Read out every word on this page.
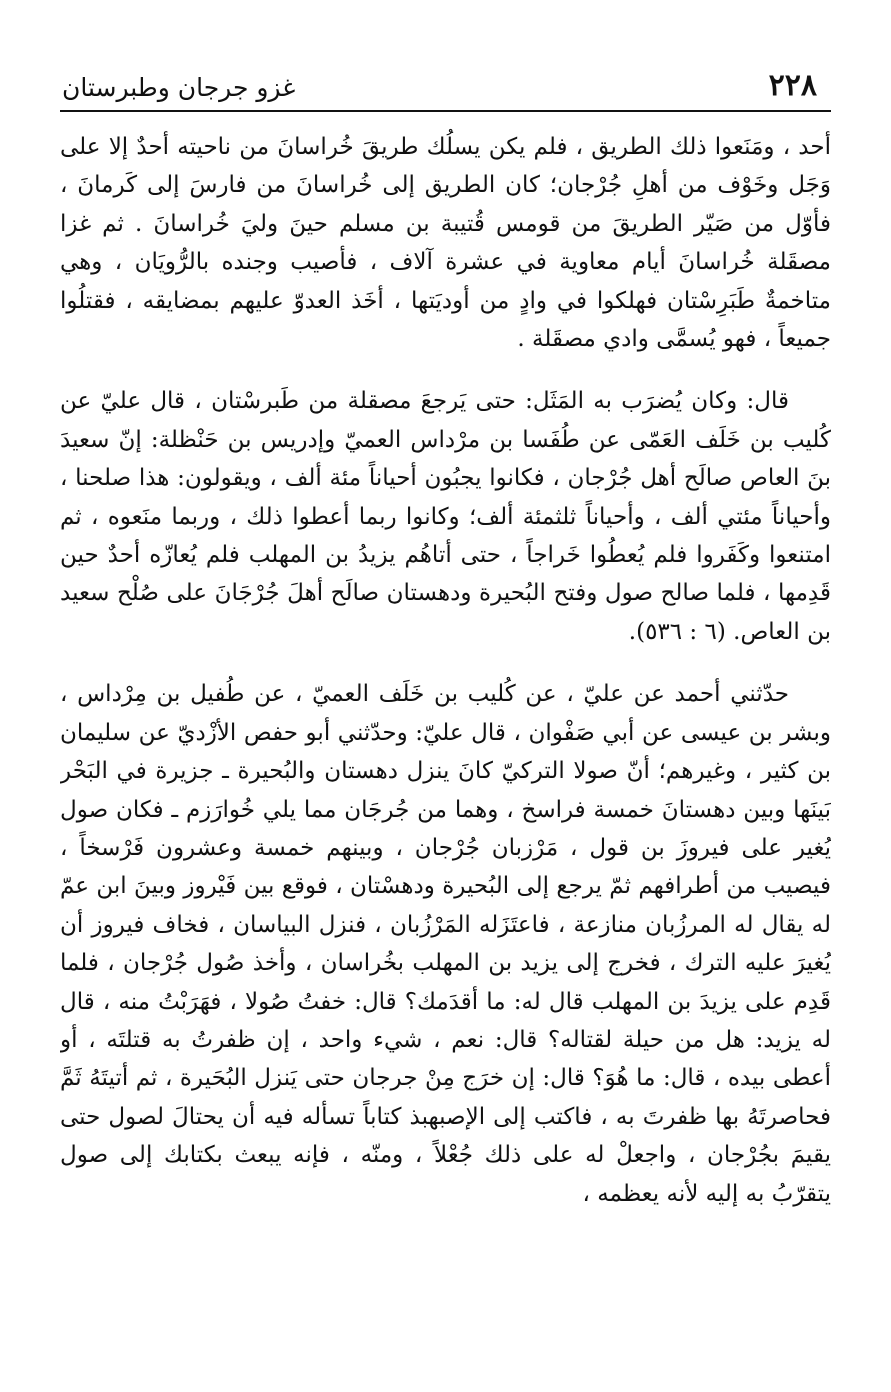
٢٢٨
غزو جرجان وطبرستان

أحد ، ومَنَعوا ذلك الطريق ، فلم يكن يسلُك طريقَ خُراسانَ من ناحيته أحدٌ إلا على وَجَل وخَوْف من أهلِ جُرْجان؛ كان الطريق إلى خُراسانَ من فارسَ إلى كَرمانَ ، فأوّل من صَيّر الطريقَ من قومس قُتيبة بن مسلم حينَ وليَ خُراسانَ . ثم غزا مصقَلة خُراسانَ أيام معاوية في عشرة آلاف ، فأصيب وجنده بالرُّويَان ، وهي متاخمةٌ طَبَرِسْتان فهلكوا في وادٍ من أوديَتها ، أخَذ العدوّ عليهم بمضايقه ، فقتلُوا جميعاً ، فهو يُسمَّى وادي مصقَلة .

قال: وكان يُضرَب به المَثَل: حتى يَرجعَ مصقلة من طَبرسْتان ، قال عليّ عن كُليب بن خَلَف العَمّى عن طُفَسا بن مرْداس العميّ وإدريس بن حَنْظلة: إنّ سعيدَ بنَ العاص صالَح أهل جُرْجان ، فكانوا يجبُون أحياناً مئة ألف ، ويقولون: هذا صلحنا ، وأحياناً مئتي ألف ، وأحياناً ثلثمئة ألف؛ وكانوا ربما أعطوا ذلك ، وربما منَعوه ، ثم امتنعوا وكَفَروا فلم يُعطُوا خَراجاً ، حتى أتاهُم يزيدُ بن المهلب فلم يُعازّه أحدٌ حين قَدِمها ، فلما صالح صول وفتح البُحيرة ودهستان صالَح أهلَ جُرْجَانَ على صُلْح سعيد بن العاص. (٦ : ٥٣٦).

حدّثني أحمد عن عليّ ، عن كُليب بن خَلَف العميّ ، عن طُفيل بن مِرْداس ، وبشر بن عيسى عن أبي صَفْوان ، قال عليّ: وحدّثني أبو حفص الأزْديّ عن سليمان بن كثير ، وغيرهم؛ أنّ صولا التركيّ كانَ ينزل دهستان والبُحيرة ـ جزيرة في البَحْر بَينَها وبين دهستانَ خمسة فراسخ ، وهما من جُرجَان مما يلي خُوارَزم ـ فكان صول يُغير على فيروزَ بن قول ، مَرْزبان جُرْجان ، وبينهم خمسة وعشرون فَرْسخاً ، فيصيب من أطرافهم ثمّ يرجع إلى البُحيرة ودهسْتان ، فوقع بين فَيْروز وبينَ ابن عمّ له يقال له المرزُبان منازعة ، فاعتَزَله المَرْزُبان ، فنزل البياسان ، فخاف فيروز أن يُغيرَ عليه الترك ، فخرج إلى يزيد بن المهلب بخُراسان ، وأخذ صُول جُرْجان ، فلما قَدِم على يزيدَ بن المهلب قال له: ما أقدَمك؟ قال: خفتُ صُولا ، فهَرَبْتُ منه ، قال له يزيد: هل من حيلة لقتاله؟ قال: نعم ، شيء واحد ، إن ظفرتُ به قتلتَه ، أو أعطى بيده ، قال: ما هُوَ؟ قال: إن خرَج مِنْ جرجان حتى يَنزل البُحَيرة ، ثم أتيتَهُ ثَمَّ فحاصرتَهُ بها ظفرتَ به ، فاكتب إلى الإصبهبذ كتاباً تسأله فيه أن يحتالَ لصول حتى يقيمَ بجُرْجان ، واجعلْ له على ذلك جُعْلاً ، ومنّه ، فإنه يبعث بكتابك إلى صول يتقرّبُ به إليه لأنه يعظمه ،
